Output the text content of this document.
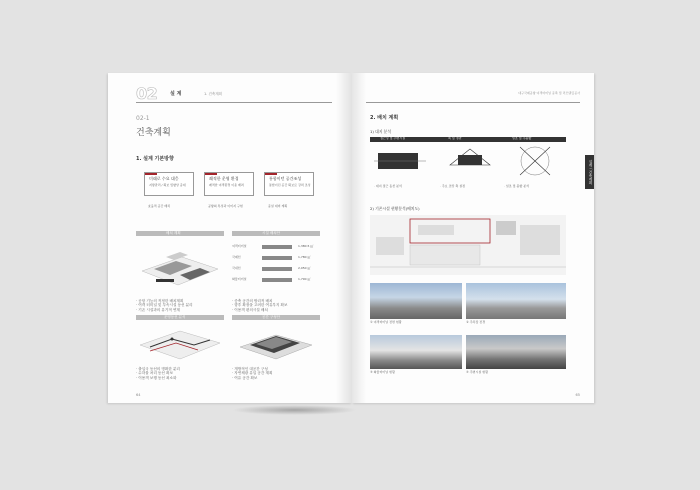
02	설 계	1. 건축계획
02-1
건축계획
1. 설계 기본방향
미래로 수요 대응
지방관리 / 확보 및향상 증대
쾌적한 운영 환경
쾌적한 여객환경 이용 배려
통합이던 공간조성
통합이던 공간 확보로 강력 조성
효율적 공간 배치	공항의 특성과 이미지 구현	증설 대비 계획
배치 계획	시설 배치안
여객터미널	1,380.5 ㎡
국제선	1,780 ㎡
국내선	2,050 ㎡
화물터미널	1,790 ㎡
· 공항 기능의 적정한 배치계획
· 여객 터미널 및 부속시설 동선 분리
· 기존 시설과의 유기적 연계
· 증축 공간의 합리적 배치
· 향후 확장을 고려한 여유부지 확보
· 이용객 편의시설 배치
운영동선 분석	공간 구성안
· 출입국 동선의 명확한 분리
· 수하물 처리 동선 확보
· 이용객 보행 동선 최소화
· 개방적인 대공간 구성
· 자연채광 유입 공간 계획
· 여유 공간 확보
64
대구국제공항 여객터미널 증축 및 리모델링공사
2. 배치 계획
1) 대지 분석
접근성 및 주변시설	축 및 경관	일조 및 주풍향
· 대지 접근 동선 분석	· 주요 조망 축 설정	· 일조 및 풍향 분석
2) 기존시설 현황분석(배치도)
① 여객터미널 전면 현황	② 주차장 전경
③ 화물터미널 현황	④ 주변시설 현황
설계 / 건축계획
65
